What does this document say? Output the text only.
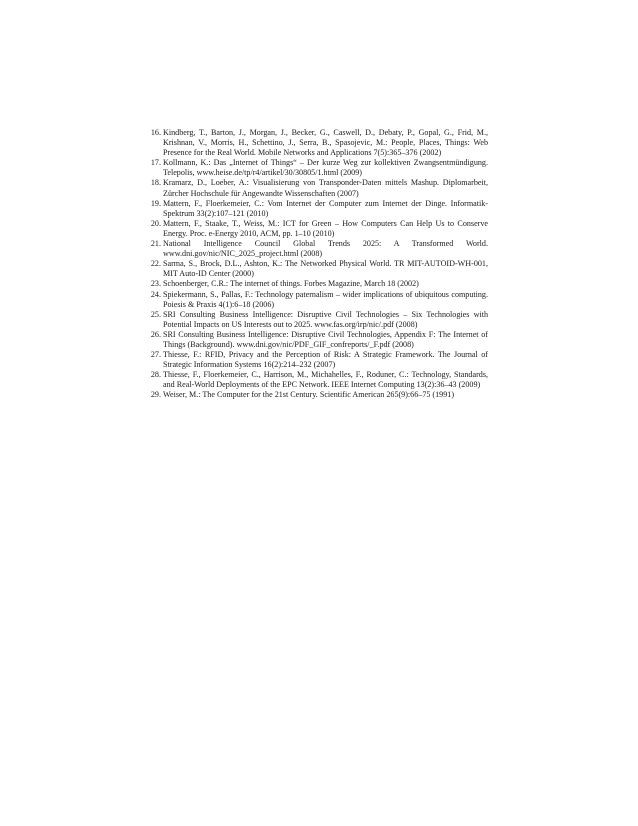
16. Kindberg, T., Barton, J., Morgan, J., Becker, G., Caswell, D., Debaty, P., Gopal, G., Frid, M., Krishnan, V., Morris, H., Schettino, J., Serra, B., Spasojevic, M.: People, Places, Things: Web Presence for the Real World. Mobile Networks and Applications 7(5):365–376 (2002)
17. Kollmann, K.: Das „Internet of Things“ – Der kurze Weg zur kollektiven Zwangsentmündigung. Telepolis, www.heise.de/tp/r4/artikel/30/30805/1.html (2009)
18. Kramarz, D., Loeber, A.: Visualisierung von Transponder-Daten mittels Mashup. Diplomarbeit, Zürcher Hochschule für Angewandte Wissenschaften (2007)
19. Mattern, F., Floerkemeier, C.: Vom Internet der Computer zum Internet der Dinge. Informatik-Spektrum 33(2):107–121 (2010)
20. Mattern, F., Staake, T., Weiss, M.: ICT for Green – How Computers Can Help Us to Conserve Energy. Proc. e-Energy 2010, ACM, pp. 1–10 (2010)
21. National Intelligence Council Global Trends 2025: A Transformed World. www.dni.gov/nic/NIC_2025_project.html (2008)
22. Sarma, S., Brock, D.L., Ashton, K.: The Networked Physical World. TR MIT-AUTOID-WH-001, MIT Auto-ID Center (2000)
23. Schoenberger, C.R.: The internet of things. Forbes Magazine, March 18 (2002)
24. Spiekermann, S., Pallas, F.: Technology paternalism – wider implications of ubiquitous computing. Poiesis & Praxis 4(1):6–18 (2006)
25. SRI Consulting Business Intelligence: Disruptive Civil Technologies – Six Technologies with Potential Impacts on US Interests out to 2025. www.fas.org/irp/nic/.pdf (2008)
26. SRI Consulting Business Intelligence: Disruptive Civil Technologies, Appendix F: The Internet of Things (Background). www.dni.gov/nic/PDF_GIF_confreports/_F.pdf (2008)
27. Thiesse, F.: RFID, Privacy and the Perception of Risk: A Strategic Framework. The Journal of Strategic Information Systems 16(2):214–232 (2007)
28. Thiesse, F., Floerkemeier, C., Harrison, M., Michahelles, F., Roduner, C.: Technology, Standards, and Real-World Deployments of the EPC Network. IEEE Internet Computing 13(2):36–43 (2009)
29. Weiser, M.: The Computer for the 21st Century. Scientific American 265(9):66–75 (1991)
